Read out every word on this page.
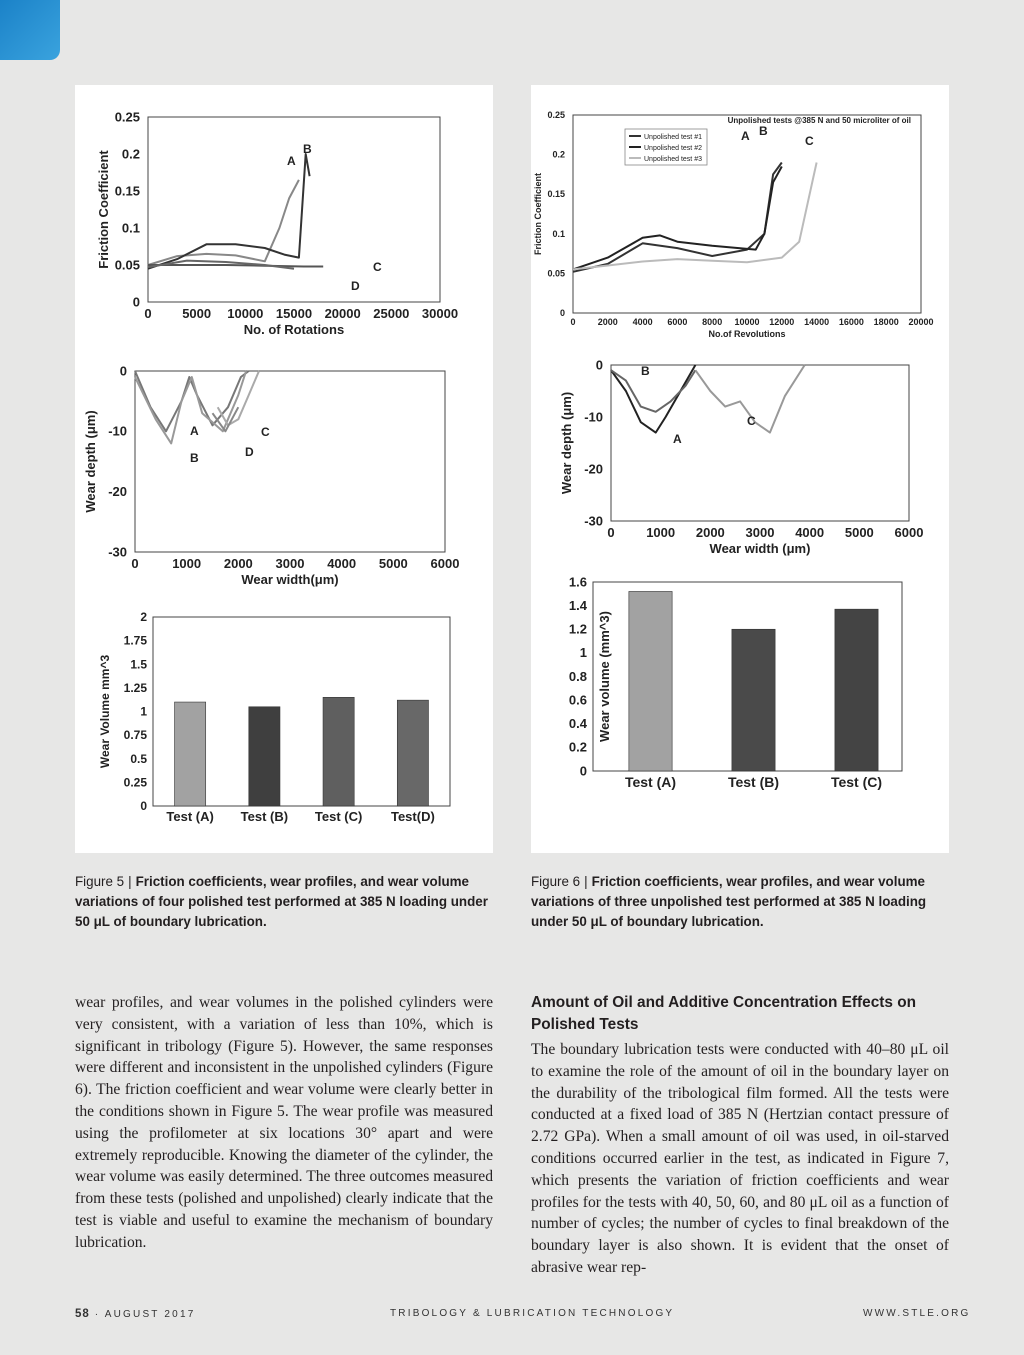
0 5000 10000 15000 20000 25000 30000
0
0.05
0.1
0.15
0.2
0.25
No. of Rotations
Friction Coefficient	A
B
C
D
0	1000 2000 3000 4000 5000 6000
0
-10
-20
-30
Wear width(μm)
Wear depth (μm)	A
B
C
D
0
0.25
0.5
0.75
1
1.25
1.5
1.75
2
Wear Volume mm^3
Test (A) Test (B) Test (C) Test(D)
0 2000 4000 6000 8000 10000 12000 14000 16000 18000 20000
0
0.05
0.1
0.15
0.2
0.25
No.of Revolutions
Friction Coefficient
Unpolished tests @385 N and 50 microliter of oil
Unpolished test #1
Unpolished test #2
Unpolished test #3
A B
C
0 1000 2000 3000 4000 5000 6000
0
-10
-20
-30
Wear width (μm)
Wear depth (μm)	A
B
C
0
0.2
0.4
0.6
0.8
1
1.2
1.4
1.6
Wear volume (mm^3)
Test (A)	Test (B)	Test (C)
Figure 5 | Friction coefficients, wear profiles, and wear volume variations of four polished test performed at 385 N loading under 50 μL of boundary lubrication.
Figure 6 | Friction coefficients, wear profiles, and wear volume variations of three unpolished test performed at 385 N loading under 50 μL of boundary lubrication.

wear profiles, and wear volumes in the polished cylinders were very consistent, with a variation of less than 10%, which is significant in tribology (Figure 5). However, the same responses were different and inconsistent in the unpolished cylinders (Figure 6). The friction coefficient and wear volume were clearly better in the conditions shown in Figure 5. The wear profile was measured using the profilometer at six locations 30° apart and were extremely reproducible. Knowing the diameter of the cylinder, the wear volume was easily determined. The three outcomes measured from these tests (polished and unpolished) clearly indicate that the test is viable and useful to examine the mechanism of boundary lubrication.

Amount of Oil and Additive Concentration Effects on Polished Tests

The boundary lubrication tests were conducted with 40–80 μL oil to examine the role of the amount of oil in the boundary layer on the durability of the tribological film formed. All the tests were conducted at a fixed load of 385 N (Hertzian contact pressure of 2.72 GPa). When a small amount of oil was used, in oil-starved conditions occurred earlier in the test, as indicated in Figure 7, which presents the variation of friction coefficients and wear profiles for the tests with 40, 50, 60, and 80 μL oil as a function of number of cycles; the number of cycles to final breakdown of the boundary layer is also shown. It is evident that the onset of abrasive wear rep-

58 · AUGUST 2017	TRIBOLOGY & LUBRICATION TECHNOLOGY	WWW.STLE.ORG
